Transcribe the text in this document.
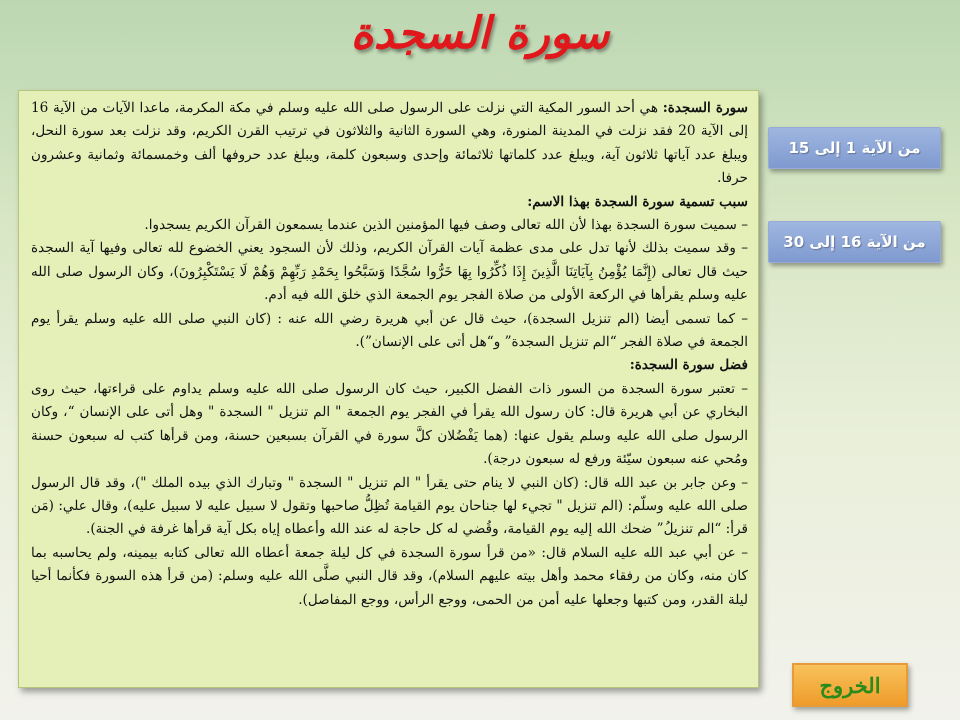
سورة السجدة

سورة السجدة: هي أحد السور المكية التي نزلت على الرسول صلى الله عليه وسلم في مكة المكرمة، ماعدا الآيات من الآية 16 إلى الآية 20 فقد نزلت في المدينة المنورة، وهي السورة الثانية والثلاثون في ترتيب القرن الكريم، وقد نزلت بعد سورة النحل، ويبلغ عدد آياتها ثلاثون آية، ويبلغ عدد كلماتها ثلاثمائة وإحدى وسبعون كلمة، ويبلغ عدد حروفها ألف وخمسمائة وثمانية وعشرون حرفا.

سبب تسمية سورة السجدة بهذا الاسم:

– سميت سورة السجدة بهذا لأن الله تعالى وصف فيها المؤمنين الذين عندما يسمعون القرآن الكريم يسجدوا.

– وقد سميت بذلك لأنها تدل على مدى عظمة آيات القرآن الكريم، وذلك لأن السجود يعني الخضوع لله تعالى وفيها آية السجدة حيث قال تعالى (إِنَّمَا يُؤْمِنُ بِآيَاتِنَا الَّذِينَ إِذَا ذُكِّرُوا بِهَا خَرُّوا سُجَّدًا وَسَبَّحُوا بِحَمْدِ رَبِّهِمْ وَهُمْ لَا يَسْتَكْبِرُونَ)، وكان الرسول صلى الله عليه وسلم يقرأها في الركعة الأولى من صلاة الفجر يوم الجمعة الذي خلق الله فيه أدم.

– كما تسمى أيضا (الم تنزيل السجدة)، حيث قال عن أبي هريرة رضي الله عنه : (كان النبي صلى الله عليه وسلم يقرأ يوم الجمعة في صلاة الفجر “الم تنزيل السجدة” و“هل أتى على الإنسان”).

فضل سورة السجدة:

– تعتبر سورة السجدة من السور ذات الفضل الكبير، حيث كان الرسول صلى الله عليه وسلم يداوم على قراءتها، حيث روى البخاري عن أبي هريرة قال: كان رسول الله يقرأ في الفجر يوم الجمعة " الم تنزيل " السجدة " وهل أتى على الإنسان “، وكان الرسول صلى الله عليه وسلم يقول عنها: (هما يَفْضُلان كلَّ سورة في القرآن بسبعين حسنة، ومن قرأها كتب له سبعون حسنة ومُحي عنه سبعون سيّئة ورفع له سبعون درجة).

– وعن جابر بن عبد الله قال: (كان النبي لا ينام حتى يقرأ " الم تنزيل " السجدة " وتبارك الذي بيده الملك ")، وقد قال الرسول صلى الله عليه وسلّم: (الم تنزيل " تجيء لها جناحان يوم القيامة تُظِلُّ صاحبها وتقول لا سبيل عليه لا سبيل عليه)، وقال علي: (مَن قرأ: “الم تنزيلُ” ضحك الله إليه يوم القيامة، وقُضي له كل حاجة له عند الله وأعطاه إياه بكل آية قرأها غرفة في الجنة).

– عن أبي عبد الله عليه السلام قال: «من قرأ سورة السجدة في كل ليلة جمعة أعطاه الله تعالى كتابه بيمينه، ولم يحاسبه بما كان منه، وكان من رفقاء محمد وأهل بيته عليهم السلام)، وقد قال النبي صلَّى الله عليه وسلم: (من قرأ هذه السورة فكأنما أحيا ليلة القدر، ومن كتبها وجعلها عليه أمن من الحمى، ووجع الرأس، ووجع المفاصل).

من الآية 1 إلى 15
من الآية 16 إلى 30
الخروج
